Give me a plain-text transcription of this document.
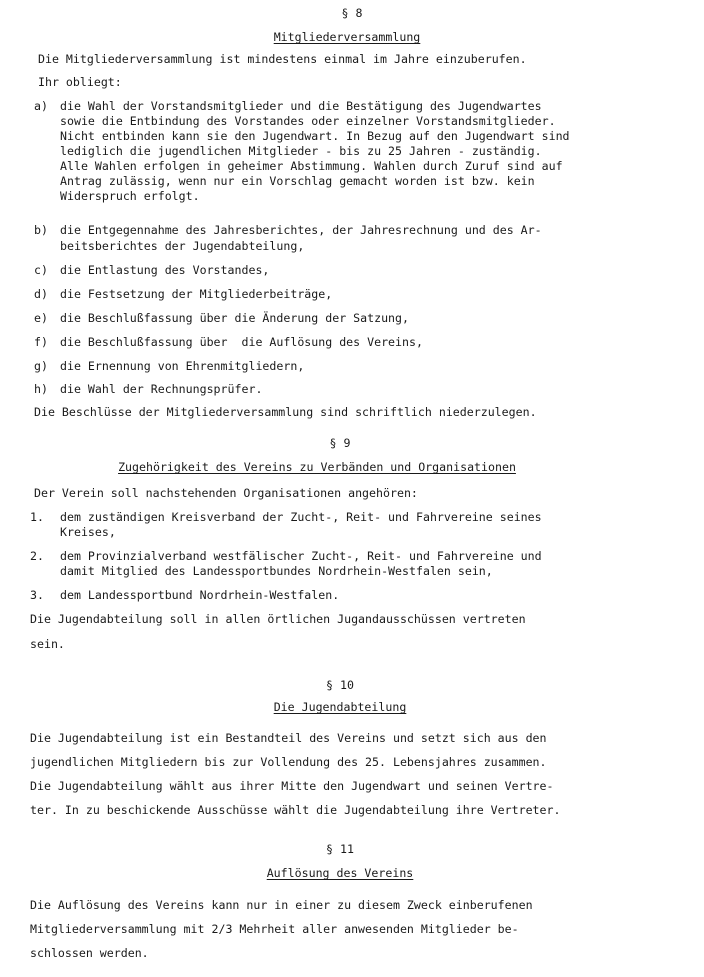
§ 8
Mitgliederversammlung
Die Mitgliederversammlung ist mindestens einmal im Jahre einzuberufen.
Ihr obliegt:
a) die Wahl der Vorstandsmitglieder und die Bestätigung des Jugendwartes
sowie die Entbindung des Vorstandes oder einzelner Vorstandsmitglieder.
Nicht entbinden kann sie den Jugendwart. In Bezug auf den Jugendwart sind
lediglich die jugendlichen Mitglieder - bis zu 25 Jahren - zuständig.
Alle Wahlen erfolgen in geheimer Abstimmung. Wahlen durch Zuruf sind auf
Antrag zulässig, wenn nur ein Vorschlag gemacht worden ist bzw. kein
Widerspruch erfolgt.
b) die Entgegennahme des Jahresberichtes, der Jahresrechnung und des Ar-
beitsberichtes der Jugendabteilung,
c) die Entlastung des Vorstandes,
d) die Festsetzung der Mitgliederbeiträge,
e) die Beschlußfassung über die Änderung der Satzung,
f) die Beschlußfassung über  die Auflösung des Vereins,
g) die Ernennung von Ehrenmitgliedern,
h) die Wahl der Rechnungsprüfer.
Die Beschlüsse der Mitgliederversammlung sind schriftlich niederzulegen.
§ 9
Zugehörigkeit des Vereins zu Verbänden und Organisationen
Der Verein soll nachstehenden Organisationen angehören:
1. dem zuständigen Kreisverband der Zucht-, Reit- und Fahrvereine seines
Kreises,
2. dem Provinzialverband westfälischer Zucht-, Reit- und Fahrvereine und
damit Mitglied des Landessportbundes Nordrhein-Westfalen sein,
3. dem Landessportbund Nordrhein-Westfalen.
Die Jugendabteilung soll in allen örtlichen Jugandausschüssen vertreten
sein.
§ 10
Die Jugendabteilung
Die Jugendabteilung ist ein Bestandteil des Vereins und setzt sich aus den
jugendlichen Mitgliedern bis zur Vollendung des 25. Lebensjahres zusammen.
Die Jugendabteilung wählt aus ihrer Mitte den Jugendwart und seinen Vertre-
ter. In zu beschickende Ausschüsse wählt die Jugendabteilung ihre Vertreter.
§ 11
Auflösung des Vereins
Die Auflösung des Vereins kann nur in einer zu diesem Zweck einberufenen
Mitgliederversammlung mit 2/3 Mehrheit aller anwesenden Mitglieder be-
schlossen werden.
